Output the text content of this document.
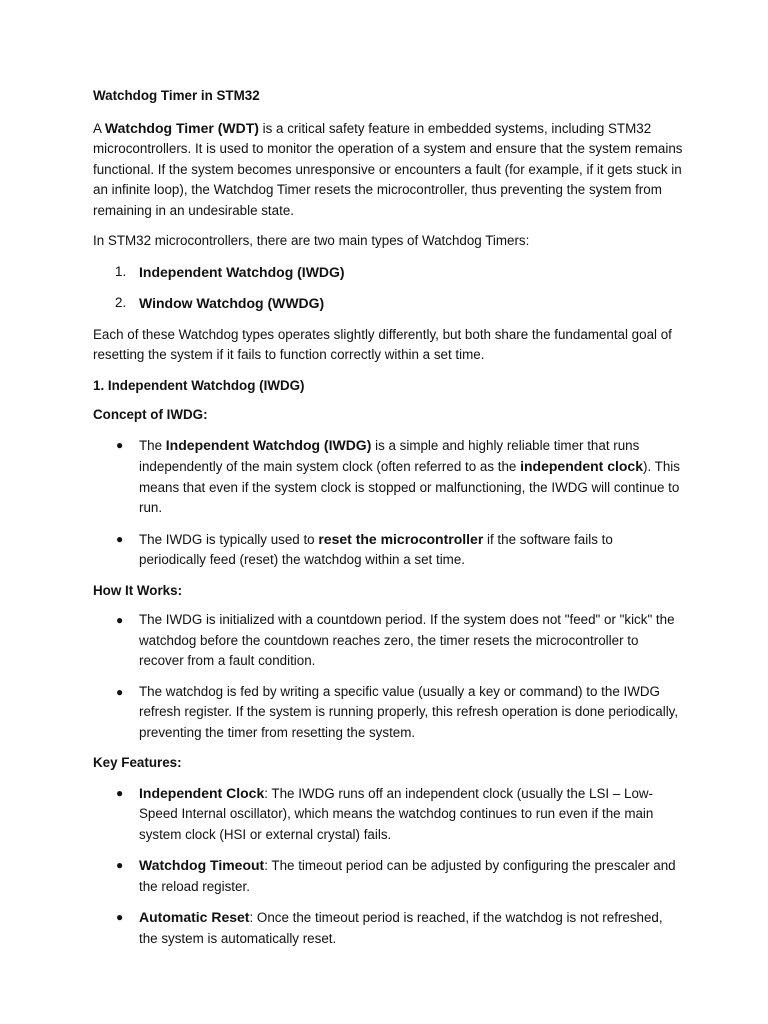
Watchdog Timer in STM32

A Watchdog Timer (WDT) is a critical safety feature in embedded systems, including STM32 microcontrollers. It is used to monitor the operation of a system and ensure that the system remains functional. If the system becomes unresponsive or encounters a fault (for example, if it gets stuck in an infinite loop), the Watchdog Timer resets the microcontroller, thus preventing the system from remaining in an undesirable state.

In STM32 microcontrollers, there are two main types of Watchdog Timers:

1. Independent Watchdog (IWDG)
2. Window Watchdog (WWDG)

Each of these Watchdog types operates slightly differently, but both share the fundamental goal of resetting the system if it fails to function correctly within a set time.

1. Independent Watchdog (IWDG)
Concept of IWDG:
● The Independent Watchdog (IWDG) is a simple and highly reliable timer that runs independently of the main system clock (often referred to as the independent clock). This means that even if the system clock is stopped or malfunctioning, the IWDG will continue to run.
● The IWDG is typically used to reset the microcontroller if the software fails to periodically feed (reset) the watchdog within a set time.
How It Works:
● The IWDG is initialized with a countdown period. If the system does not "feed" or "kick" the watchdog before the countdown reaches zero, the timer resets the microcontroller to recover from a fault condition.
● The watchdog is fed by writing a specific value (usually a key or command) to the IWDG refresh register. If the system is running properly, this refresh operation is done periodically, preventing the timer from resetting the system.
Key Features:
● Independent Clock: The IWDG runs off an independent clock (usually the LSI – Low-Speed Internal oscillator), which means the watchdog continues to run even if the main system clock (HSI or external crystal) fails.
● Watchdog Timeout: The timeout period can be adjusted by configuring the prescaler and the reload register.
● Automatic Reset: Once the timeout period is reached, if the watchdog is not refreshed, the system is automatically reset.
